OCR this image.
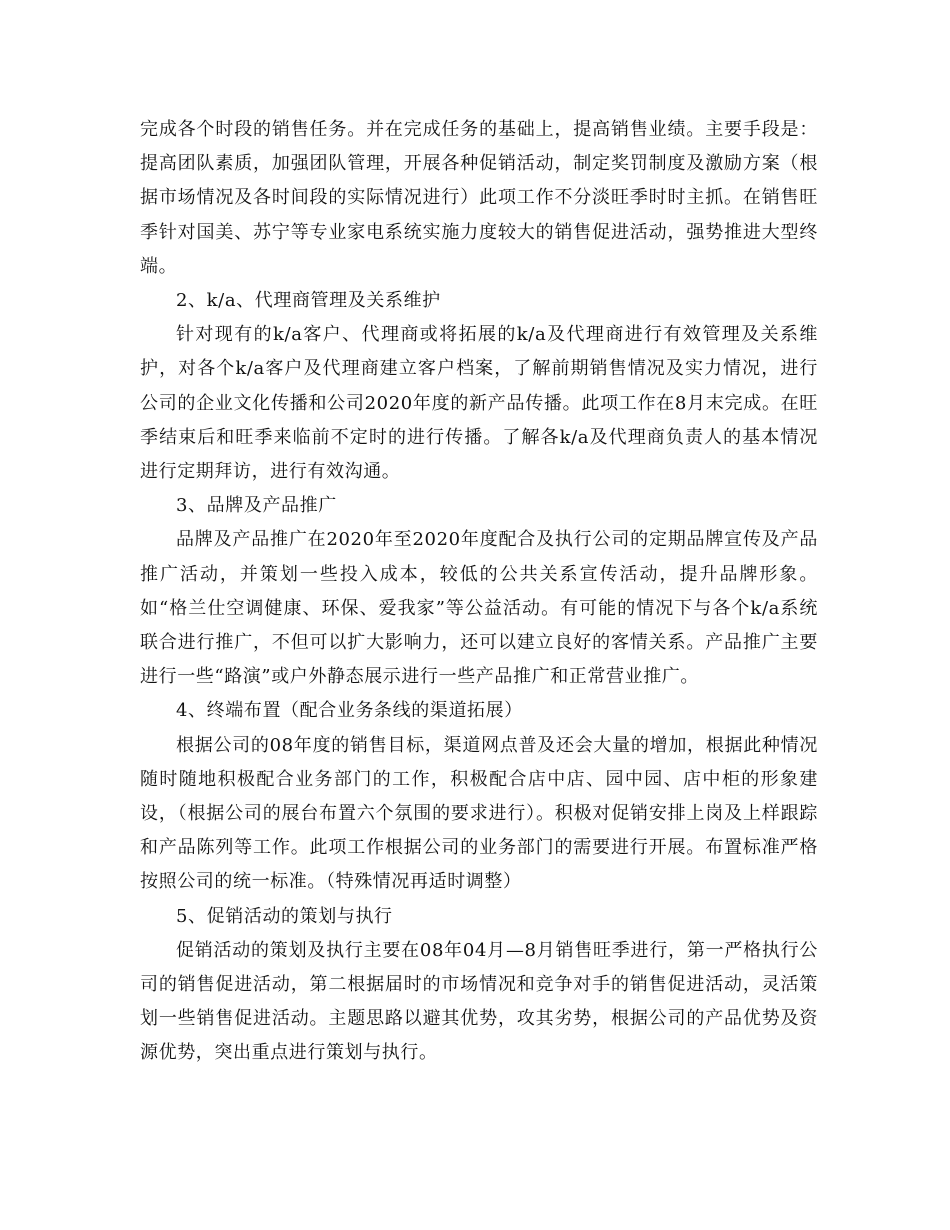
完成各个时段的销售任务。并在完成任务的基础上，提高销售业绩。主要手段是：提高团队素质，加强团队管理，开展各种促销活动，制定奖罚制度及激励方案（根据市场情况及各时间段的实际情况进行）此项工作不分淡旺季时时主抓。在销售旺季针对国美、苏宁等专业家电系统实施力度较大的销售促进活动，强势推进大型终端。

2、k/a、代理商管理及关系维护

针对现有的k/a客户、代理商或将拓展的k/a及代理商进行有效管理及关系维护，对各个k/a客户及代理商建立客户档案，了解前期销售情况及实力情况，进行公司的企业文化传播和公司2020年度的新产品传播。此项工作在8月末完成。在旺季结束后和旺季来临前不定时的进行传播。了解各k/a及代理商负责人的基本情况进行定期拜访，进行有效沟通。

3、品牌及产品推广

品牌及产品推广在2020年至2020年度配合及执行公司的定期品牌宣传及产品推广活动，并策划一些投入成本，较低的公共关系宣传活动，提升品牌形象。如“格兰仕空调健康、环保、爱我家”等公益活动。有可能的情况下与各个k/a系统联合进行推广，不但可以扩大影响力，还可以建立良好的客情关系。产品推广主要进行一些“路演”或户外静态展示进行一些产品推广和正常营业推广。

4、终端布置（配合业务条线的渠道拓展）

根据公司的08年度的销售目标，渠道网点普及还会大量的增加，根据此种情况随时随地积极配合业务部门的工作，积极配合店中店、园中园、店中柜的形象建设，（根据公司的展台布置六个氛围的要求进行）。积极对促销安排上岗及上样跟踪和产品陈列等工作。此项工作根据公司的业务部门的需要进行开展。布置标准严格按照公司的统一标准。（特殊情况再适时调整）

5、促销活动的策划与执行

促销活动的策划及执行主要在08年04月—8月销售旺季进行，第一严格执行公司的销售促进活动，第二根据届时的市场情况和竞争对手的销售促进活动，灵活策划一些销售促进活动。主题思路以避其优势，攻其劣势，根据公司的产品优势及资源优势，突出重点进行策划与执行。
